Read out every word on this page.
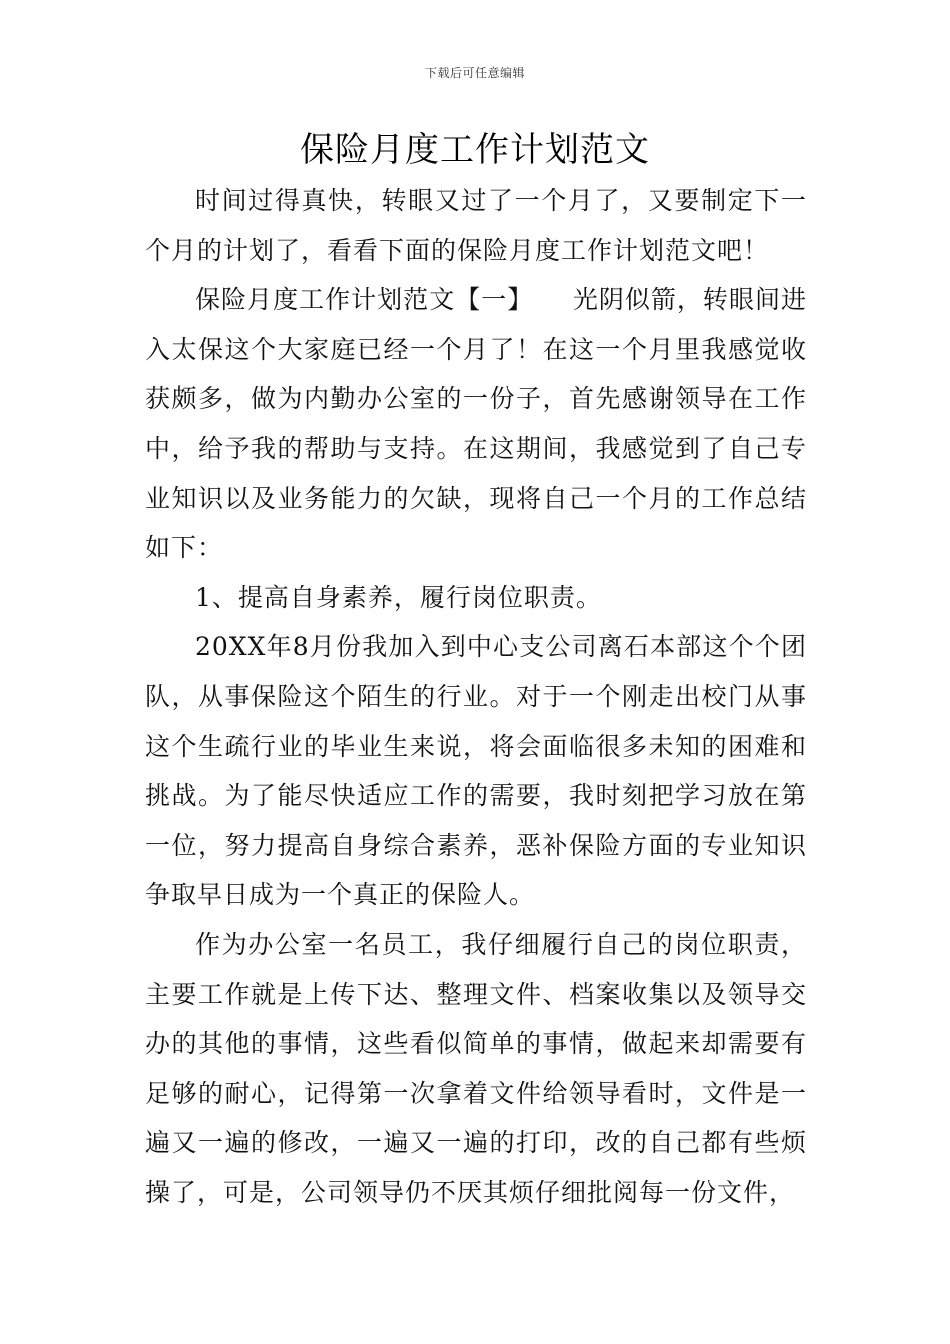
下载后可任意编辑
保险月度工作计划范文

时间过得真快，转眼又过了一个月了，又要制定下一个月的计划了，看看下面的保险月度工作计划范文吧！

保险月度工作计划范文【一】　　光阴似箭，转眼间进入太保这个大家庭已经一个月了！在这一个月里我感觉收获颇多，做为内勤办公室的一份子，首先感谢领导在工作中，给予我的帮助与支持。在这期间，我感觉到了自己专业知识以及业务能力的欠缺，现将自己一个月的工作总结如下：

1、提高自身素养，履行岗位职责。

20XX年8月份我加入到中心支公司离石本部这个个团队，从事保险这个陌生的行业。对于一个刚走出校门从事这个生疏行业的毕业生来说，将会面临很多未知的困难和挑战。为了能尽快适应工作的需要，我时刻把学习放在第一位，努力提高自身综合素养，恶补保险方面的专业知识争取早日成为一个真正的保险人。

作为办公室一名员工，我仔细履行自己的岗位职责，主要工作就是上传下达、整理文件、档案收集以及领导交办的其他的事情，这些看似简单的事情，做起来却需要有足够的耐心，记得第一次拿着文件给领导看时，文件是一遍又一遍的修改，一遍又一遍的打印，改的自己都有些烦操了，可是，公司领导仍不厌其烦仔细批阅每一份文件，
